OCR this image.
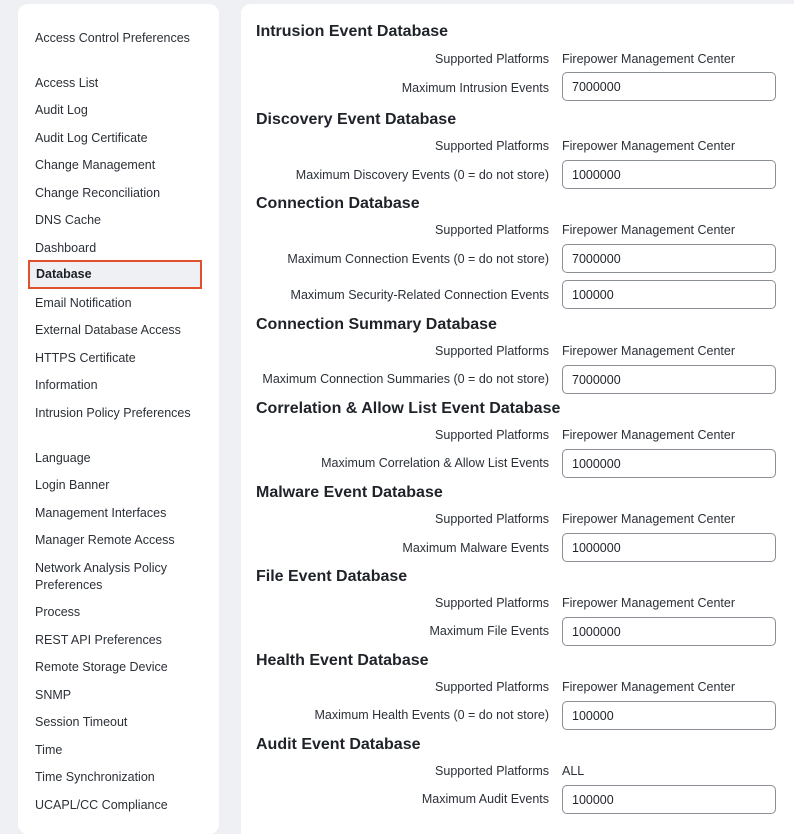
Access Control Preferences
Access List
Audit Log
Audit Log Certificate
Change Management
Change Reconciliation
DNS Cache
Dashboard
Database
Email Notification
External Database Access
HTTPS Certificate
Information
Intrusion Policy Preferences
Language
Login Banner
Management Interfaces
Manager Remote Access
Network Analysis Policy Preferences
Process
REST API Preferences
Remote Storage Device
SNMP
Session Timeout
Time
Time Synchronization
UCAPL/CC Compliance
Intrusion Event Database
Supported Platforms Firepower Management Center
Maximum Intrusion Events
7000000
Discovery Event Database
Supported Platforms Firepower Management Center
Maximum Discovery Events (0 = do not store)
1000000
Connection Database
Supported Platforms Firepower Management Center
Maximum Connection Events (0 = do not store)
7000000
Maximum Security-Related Connection Events
100000
Connection Summary Database
Supported Platforms Firepower Management Center
Maximum Connection Summaries (0 = do not store)
7000000
Correlation & Allow List Event Database
Supported Platforms Firepower Management Center
Maximum Correlation & Allow List Events
1000000
Malware Event Database
Supported Platforms Firepower Management Center
Maximum Malware Events
1000000
File Event Database
Supported Platforms Firepower Management Center
Maximum File Events
1000000
Health Event Database
Supported Platforms Firepower Management Center
Maximum Health Events (0 = do not store)
100000
Audit Event Database
Supported Platforms ALL
Maximum Audit Events
100000
